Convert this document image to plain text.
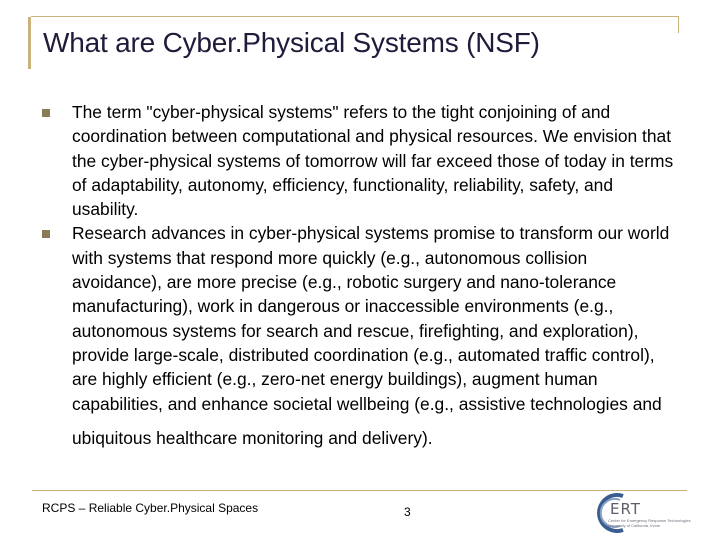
What are Cyber.Physical Systems (NSF)
The term "cyber-physical systems" refers to the tight conjoining of and coordination between computational and physical resources. We envision that the cyber-physical systems of tomorrow will far exceed those of today in terms of adaptability, autonomy, efficiency, functionality, reliability, safety, and usability.
Research advances in cyber-physical systems promise to transform our world with systems that respond more quickly (e.g., autonomous collision avoidance), are more precise (e.g., robotic surgery and nano-tolerance manufacturing), work in dangerous or inaccessible environments (e.g., autonomous systems for search and rescue, firefighting, and exploration), provide large-scale, distributed coordination (e.g., automated traffic control), are highly efficient (e.g., zero-net energy buildings), augment human capabilities, and enhance societal wellbeing (e.g., assistive technologies and
ubiquitous healthcare monitoring and delivery).
RCPS – Reliable Cyber.Physical Spaces	3	ERT
Center for Emergency Response Technologies
University of California, Irvine
